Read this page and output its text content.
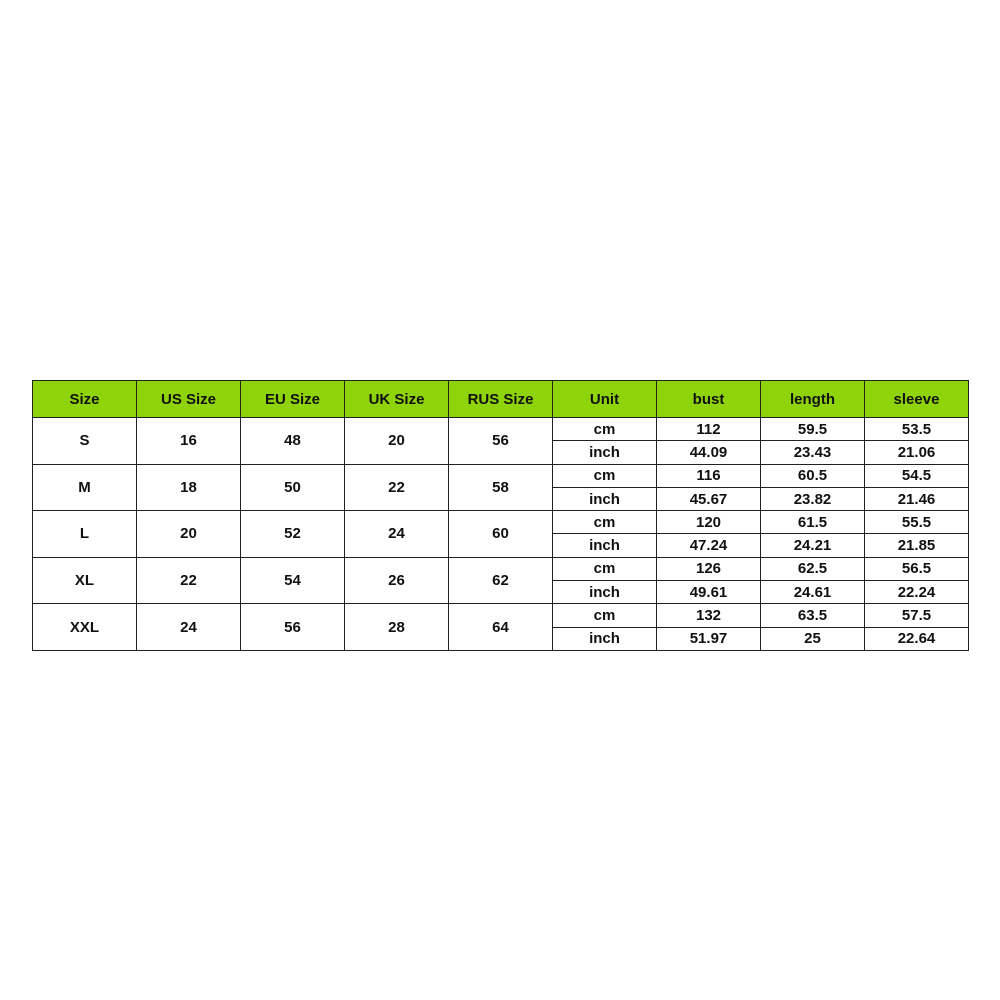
Size	US Size	EU Size	UK Size	RUS Size	Unit	bust	length	sleeve
S	16	48	20	56	cm	112	59.5	53.5
					inch	44.09	23.43	21.06
M	18	50	22	58	cm	116	60.5	54.5
					inch	45.67	23.82	21.46
L	20	52	24	60	cm	120	61.5	55.5
					inch	47.24	24.21	21.85
XL	22	54	26	62	cm	126	62.5	56.5
					inch	49.61	24.61	22.24
XXL	24	56	28	64	cm	132	63.5	57.5
					inch	51.97	25	22.64
